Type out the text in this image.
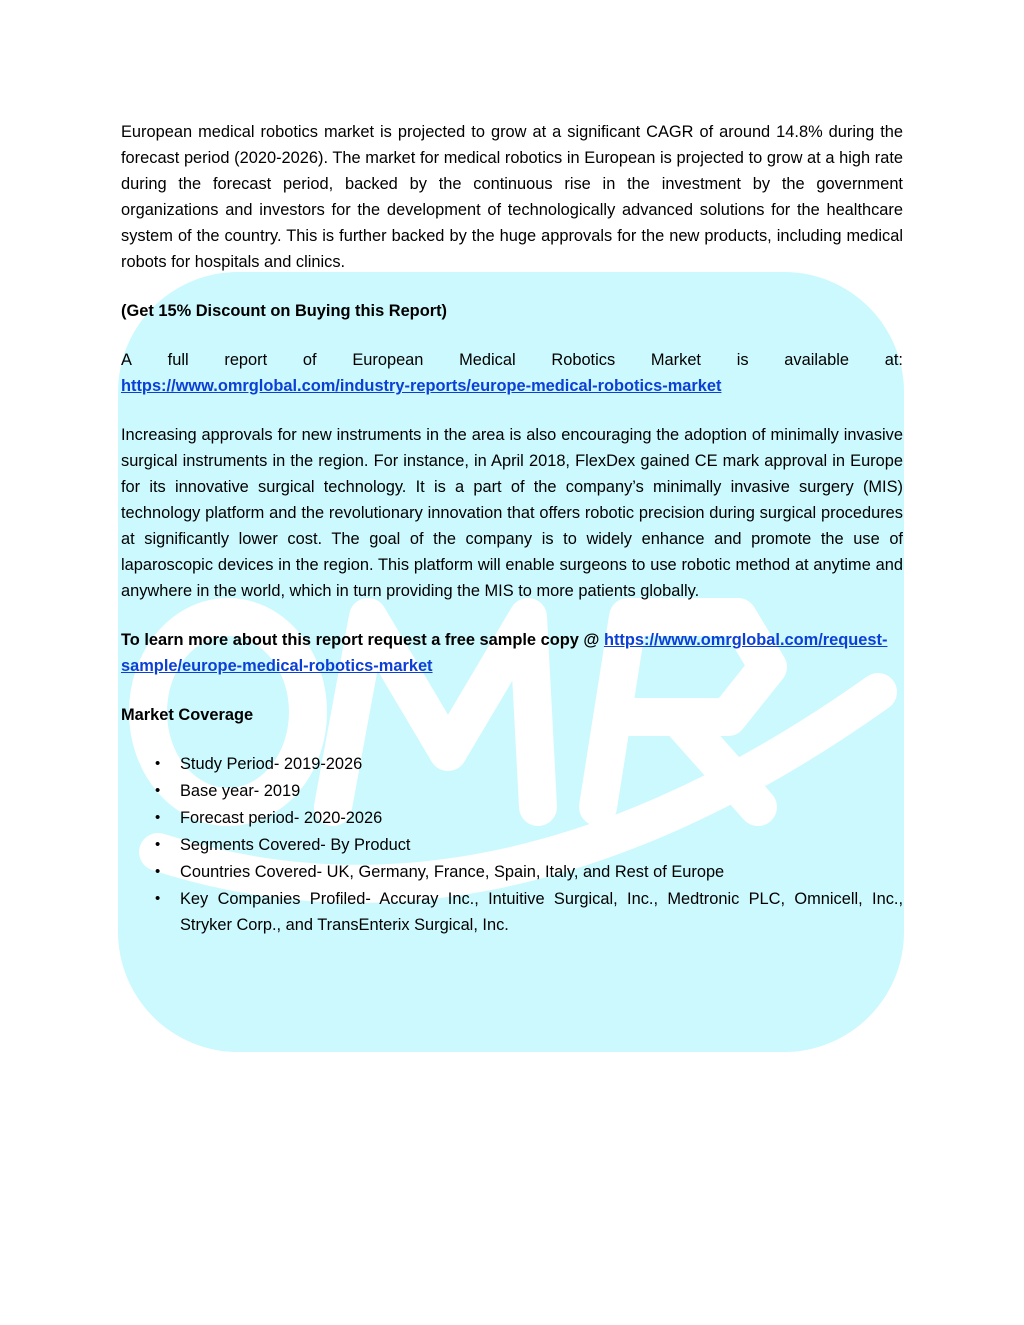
European medical robotics market is projected to grow at a significant CAGR of around 14.8% during the forecast period (2020-2026). The market for medical robotics in European is projected to grow at a high rate during the forecast period, backed by the continuous rise in the investment by the government organizations and investors for the development of technologically advanced solutions for the healthcare system of the country. This is further backed by the huge approvals for the new products, including medical robots for hospitals and clinics.

(Get 15% Discount on Buying this Report)

A full report of European Medical Robotics Market is available at:
https://www.omrglobal.com/industry-reports/europe-medical-robotics-market

Increasing approvals for new instruments in the area is also encouraging the adoption of minimally invasive surgical instruments in the region. For instance, in April 2018, FlexDex gained CE mark approval in Europe for its innovative surgical technology. It is a part of the company’s minimally invasive surgery (MIS) technology platform and the revolutionary innovation that offers robotic precision during surgical procedures at significantly lower cost. The goal of the company is to widely enhance and promote the use of laparoscopic devices in the region. This platform will enable surgeons to use robotic method at anytime and anywhere in the world, which in turn providing the MIS to more patients globally.

To learn more about this report request a free sample copy @ https://www.omrglobal.com/request-sample/europe-medical-robotics-market

Market Coverage

• Study Period- 2019-2026
• Base year- 2019
• Forecast period- 2020-2026
• Segments Covered- By Product
• Countries Covered- UK, Germany, France, Spain, Italy, and Rest of Europe
• Key Companies Profiled- Accuray Inc., Intuitive Surgical, Inc., Medtronic PLC, Omnicell, Inc., Stryker Corp., and TransEnterix Surgical, Inc.
